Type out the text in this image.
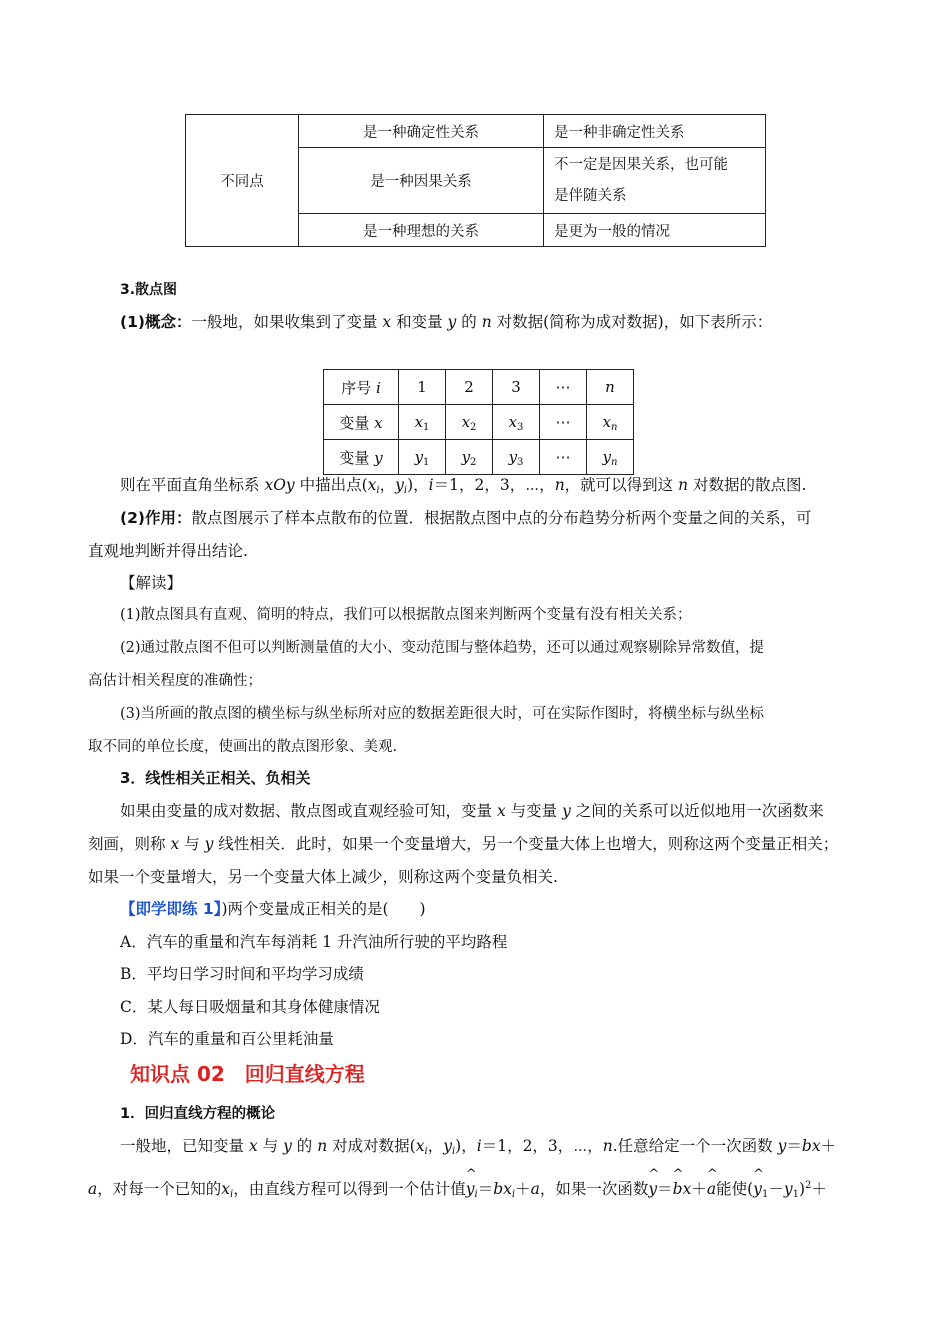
不同点	是一种确定性关系	是一种非确定性关系
	是一种因果关系	不一定是因果关系，也可能
是伴随关系
	是一种理想的关系	是更为一般的情况
3.散点图
(1)概念：一般地，如果收集到了变量 x 和变量 y 的 n 对数据(简称为成对数据)，如下表所示：
序号 i	1	2	3	⋯	n
变量 x	$x_1$	$x_2$	$x_3$	⋯	$x_n$
变量 y	$y_1$	$y_2$	$y_3$	⋯	$y_n$
则在平面直角坐标系 xOy 中描出点($x_i$，$y_i$)，i＝1，2，3，⋯，n，就可以得到这 n 对数据的散点图.
(2)作用：散点图展示了样本点散布的位置．根据散点图中点的分布趋势分析两个变量之间的关系，可
直观地判断并得出结论.
【解读】
(1)散点图具有直观、简明的特点，我们可以根据散点图来判断两个变量有没有相关关系；
(2)通过散点图不但可以判断测量值的大小、变动范围与整体趋势，还可以通过观察剔除异常数值，提
高估计相关程度的准确性；
(3)当所画的散点图的横坐标与纵坐标所对应的数据差距很大时，可在实际作图时，将横坐标与纵坐标
取不同的单位长度，使画出的散点图形象、美观.
3．线性相关正相关、负相关
如果由变量的成对数据、散点图或直观经验可知，变量 x 与变量 y 之间的关系可以近似地用一次函数来
刻画，则称 x 与 y 线性相关．此时，如果一个变量增大，另一个变量大体上也增大，则称这两个变量正相关；
如果一个变量增大，另一个变量大体上减少，则称这两个变量负相关.
【即学即练 1】)两个变量成正相关的是(　　)
A．汽车的重量和汽车每消耗 1 升汽油所行驶的平均路程
B．平均日学习时间和平均学习成绩
C．某人每日吸烟量和其身体健康情况
D．汽车的重量和百公里耗油量
知识点 02　回归直线方程
1．回归直线方程的概论
一般地，已知变量 x 与 y 的 n 对成对数据($x_i$，$y_i$)，i＝1，2，3，⋯，n.任意给定一个一次函数 y＝bx＋
a，对每一个已知的$x_i$，由直线方程可以得到一个估计值^ $y_i=bx_i+a$，如果一次函数^ y＝^ bx＋^ a能使(^ $y_1-y_1)^2+$
